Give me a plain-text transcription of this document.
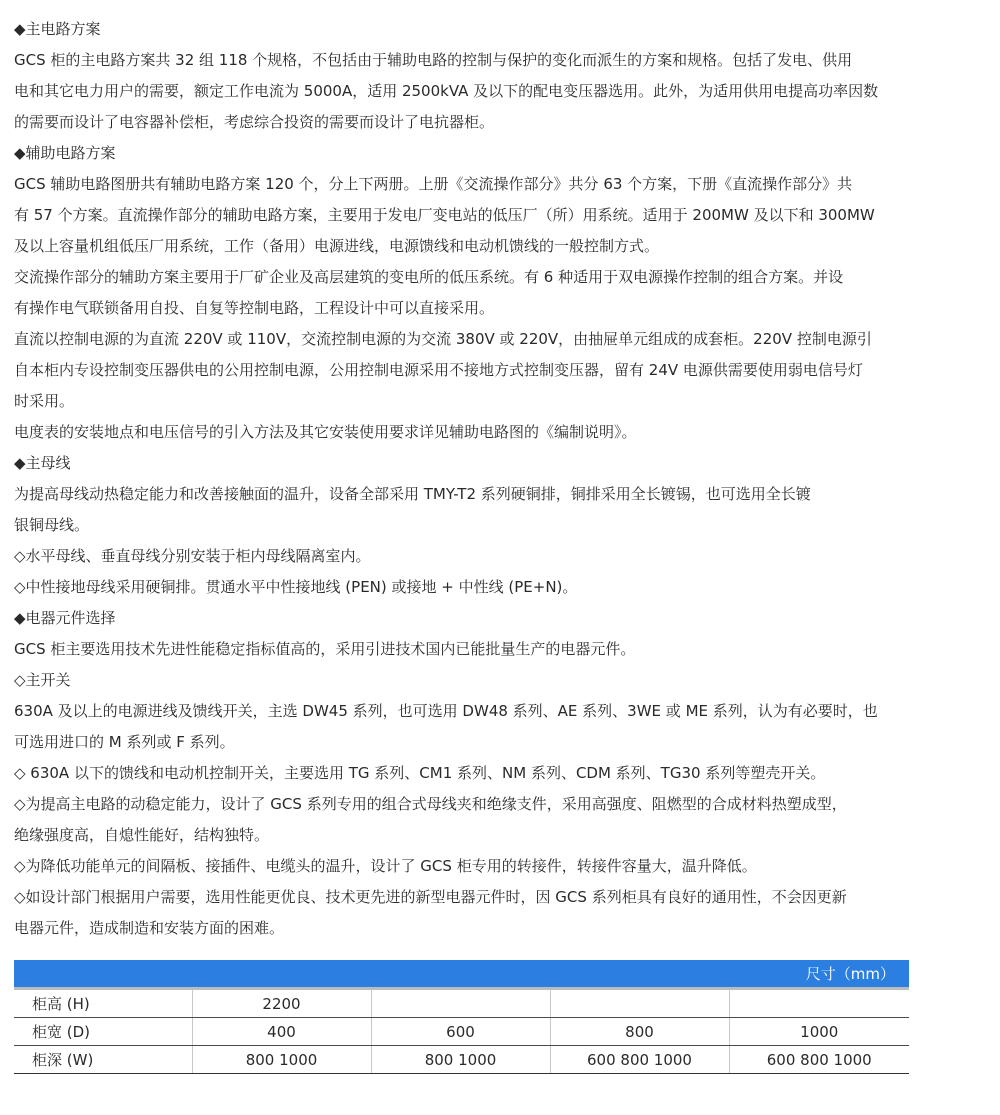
◆主电路方案
GCS 柜的主电路方案共 32 组 118 个规格，不包括由于辅助电路的控制与保护的变化而派生的方案和规格。包括了发电、供用
电和其它电力用户的需要，额定工作电流为 5000A，适用 2500kVA 及以下的配电变压器选用。此外，为适用供用电提高功率因数
的需要而设计了电容器补偿柜，考虑综合投资的需要而设计了电抗器柜。
◆辅助电路方案
GCS 辅助电路图册共有辅助电路方案 120 个，分上下两册。上册《交流操作部分》共分 63 个方案，下册《直流操作部分》共
有 57 个方案。直流操作部分的辅助电路方案，主要用于发电厂变电站的低压厂（所）用系统。适用于 200MW 及以下和 300MW
及以上容量机组低压厂用系统，工作（备用）电源进线，电源馈线和电动机馈线的一般控制方式。
交流操作部分的辅助方案主要用于厂矿企业及高层建筑的变电所的低压系统。有 6 种适用于双电源操作控制的组合方案。并设
有操作电气联锁备用自投、自复等控制电路，工程设计中可以直接采用。
直流以控制电源的为直流 220V 或 110V，交流控制电源的为交流 380V 或 220V，由抽屉单元组成的成套柜。220V 控制电源引
自本柜内专设控制变压器供电的公用控制电源，公用控制电源采用不接地方式控制变压器，留有 24V 电源供需要使用弱电信号灯
时采用。
电度表的安装地点和电压信号的引入方法及其它安装使用要求详见辅助电路图的《编制说明》。
◆主母线
为提高母线动热稳定能力和改善接触面的温升，设备全部采用 TMY-T2 系列硬铜排，铜排采用全长镀锡，也可选用全长镀
银铜母线。
◇水平母线、垂直母线分别安装于柜内母线隔离室内。
◇中性接地母线采用硬铜排。贯通水平中性接地线 (PEN) 或接地 + 中性线 (PE+N)。
◆电器元件选择
GCS 柜主要选用技术先进性能稳定指标值高的，采用引进技术国内已能批量生产的电器元件。
◇主开关
630A 及以上的电源进线及馈线开关，主选 DW45 系列，也可选用 DW48 系列、AE 系列、3WE 或 ME 系列，认为有必要时，也
可选用进口的 M 系列或 F 系列。
◇ 630A 以下的馈线和电动机控制开关，主要选用 TG 系列、CM1 系列、NM 系列、CDM 系列、TG30 系列等塑壳开关。
◇为提高主电路的动稳定能力，设计了 GCS 系列专用的组合式母线夹和绝缘支件，采用高强度、阻燃型的合成材料热塑成型，
绝缘强度高，自熄性能好，结构独特。
◇为降低功能单元的间隔板、接插件、电缆头的温升，设计了 GCS 柜专用的转接件，转接件容量大，温升降低。
◇如设计部门根据用户需要，选用性能更优良、技术更先进的新型电器元件时，因 GCS 系列柜具有良好的通用性，不会因更新
电器元件，造成制造和安装方面的困难。
尺寸（mm）				
柜高 (H)	2200			
柜宽 (D)	400	600	800	1000
柜深 (W)	800 1000	800 1000	600 800 1000	600 800 1000
